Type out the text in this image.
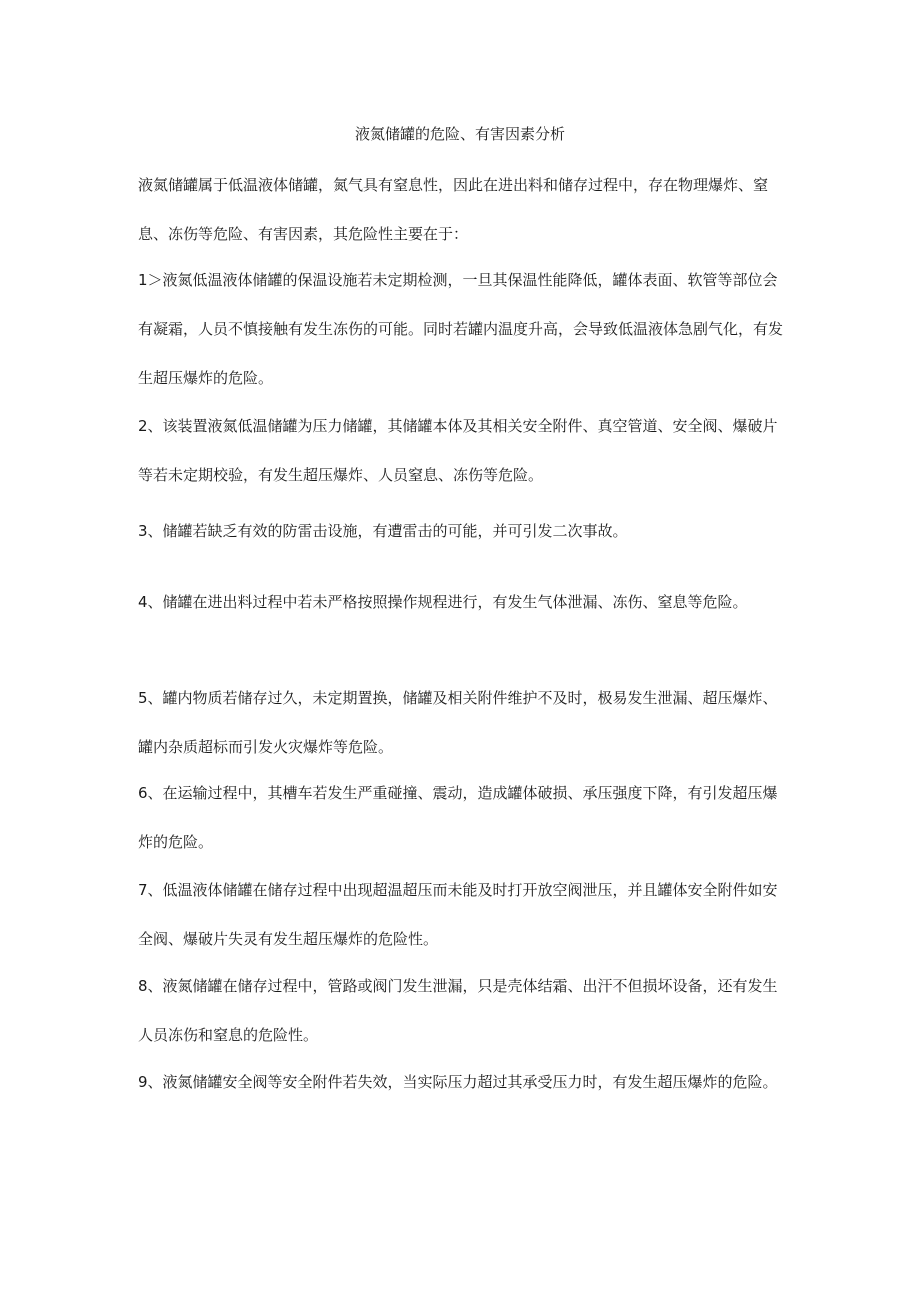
液氮储罐的危险、有害因素分析

液氮储罐属于低温液体储罐，氮气具有窒息性，因此在进出料和储存过程中，存在物理爆炸、窒息、冻伤等危险、有害因素，其危险性主要在于：

1＞液氮低温液体储罐的保温设施若未定期检测，一旦其保温性能降低，罐体表面、软管等部位会有凝霜，人员不慎接触有发生冻伤的可能。同时若罐内温度升高，会导致低温液体急剧气化，有发生超压爆炸的危险。

2、该装置液氮低温储罐为压力储罐，其储罐本体及其相关安全附件、真空管道、安全阀、爆破片等若未定期校验，有发生超压爆炸、人员窒息、冻伤等危险。

3、储罐若缺乏有效的防雷击设施，有遭雷击的可能，并可引发二次事故。

4、储罐在进出料过程中若未严格按照操作规程进行，有发生气体泄漏、冻伤、窒息等危险。

5、罐内物质若储存过久，未定期置换，储罐及相关附件维护不及时，极易发生泄漏、超压爆炸、罐内杂质超标而引发火灾爆炸等危险。

6、在运输过程中，其槽车若发生严重碰撞、震动，造成罐体破损、承压强度下降，有引发超压爆炸的危险。

7、低温液体储罐在储存过程中出现超温超压而未能及时打开放空阀泄压，并且罐体安全附件如安全阀、爆破片失灵有发生超压爆炸的危险性。

8、液氮储罐在储存过程中，管路或阀门发生泄漏，只是壳体结霜、出汗不但损坏设备，还有发生人员冻伤和窒息的危险性。

9、液氮储罐安全阀等安全附件若失效，当实际压力超过其承受压力时，有发生超压爆炸的危险。
